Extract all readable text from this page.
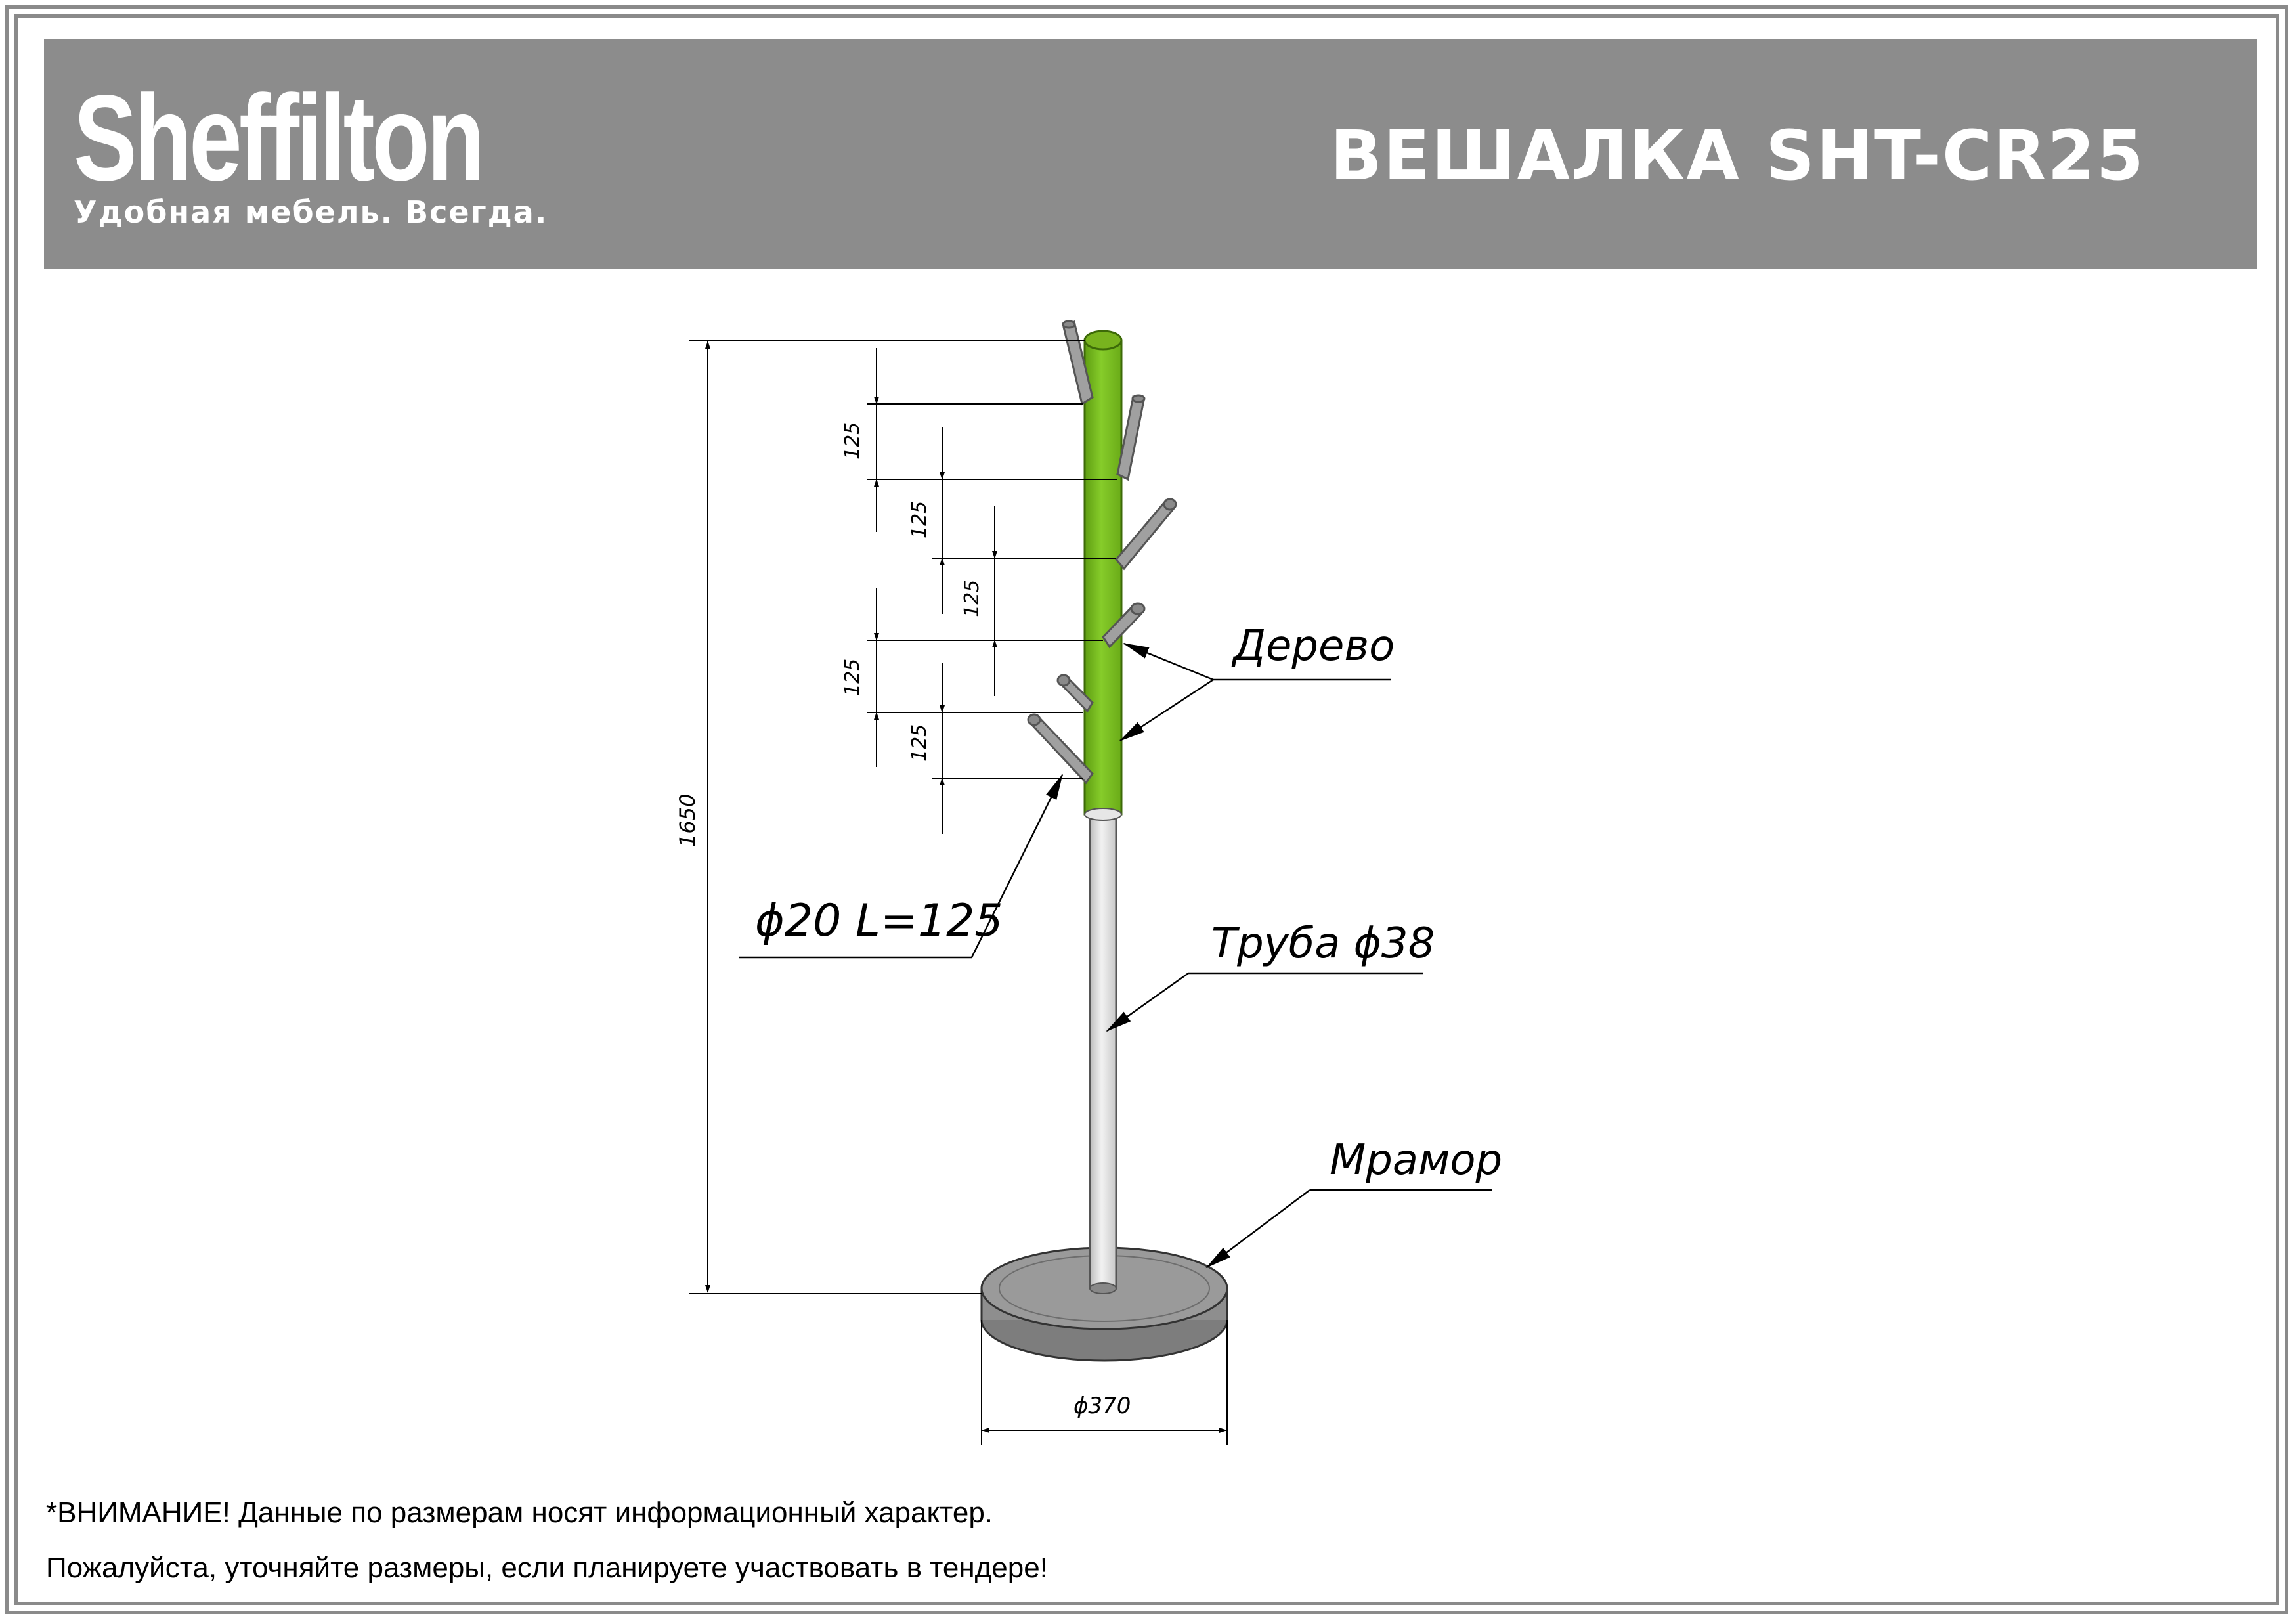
Sheffilton
Удобная мебель. Всегда.
ВЕШАЛКА SHT-CR25
1650
125
125
125
125
125
ϕ370
Дерево
ϕ20 L=125	Труба ϕ38
Мрамор
*ВНИМАНИЕ! Данные по размерам носят информационный характер.
Пожалуйста, уточняйте размеры, если планируете участвовать в тендере!
